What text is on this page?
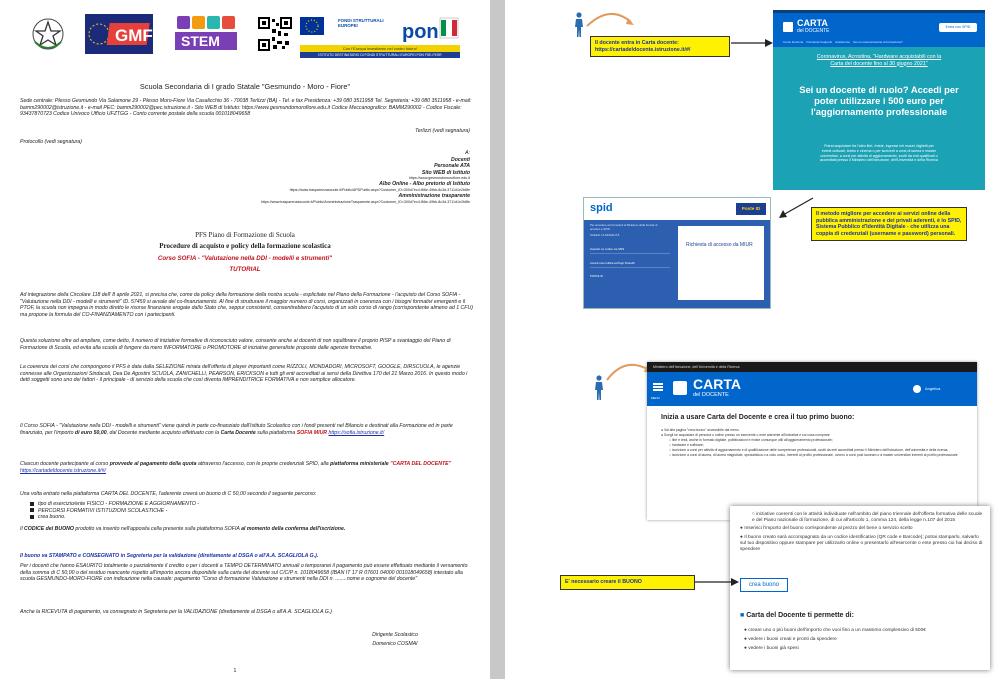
GMF STEM	pon
FONDI STRUTTURALI EUROPEI
Con l'Europa investiamo nel vostro futuro!
ISTITUTO DESTINATARIO DI FONDI STRUTTURALI EUROPEI PON FSE-FESR
Scuola Secondaria di I grado Statale "Gesmundo - Moro - Fiore"
Sede centrale: Plesso Gesmundo Via Salamone 29 - Plesso Moro-Fiore Via Casalicchio 36 - 70038 Terlizzi (BA) - Tel. e fax Presidenza: +39 080 3511958 Tel. Segreteria: +39 080 3511958 - e-mail: bamm290002@istruzione.it - e-mail PEC: bamm290002@pec.istruzione.it - Sito WEB di Istituto: https://www.gesmundomorofiore.edu.it Codice Meccanografico: BAMM290002 - Codice Fiscale: 93437870723 Codice Univoco Ufficio UFZTGG - Conto corrente postale della scuola 001018049658
Terlizzi (vedi segnatura)
Protocollo (vedi segnatura)
A:
Docenti
Personale ATA
Sito WEB di Istituto
https://www.gesmundomorofiore.edu.it
Albo Online - Albo pretorio di Istituto
https://www.trasparenzascuole.it/Public/APDPublic.aspx?Customer_ID=300d7ec4-f66e-49bb-8c3d-3711d1e2b8fe
Amministrazione trasparente
https://www.trasparenzascuole.it/Public/AmministrazioneTrasparente.aspx?Customer_ID=300d7ec4-f66e-49bb-8c3d-3711d1e2b8fe
PFS Piano di Formazione di Scuola
Procedure di acquisto e policy della formazione scolastica
Corso SOFIA - "Valutazione nella DDI - modelli e strumenti"
TUTORIAL
Ad integrazione della Circolare 118 dell' 8 aprile 2021, si precisa che, come da policy della formazione della nostra scuola - esplicitate nel Piano della Formazione - l'acquisto del Corso SOFIA - "Valutazione nella DDI - modelli e strumenti" ID. 57459 si avvale del co-finanziamento. Al fine di strutturare il maggior numero di corsi, organizzati in coerenza con i bisogni formativi emergenti e il PTOF, la scuola non impegna in modo diretto le risorse finanziarie erogate dallo Stato che, seppur consistenti, consentirebbero l'acquisto di un solo corso di rango (corrispondente almeno ad 1 CFU) ma propone la formula del CO-FINANZIAMENTO con i partecipanti.
Questa soluzione oltre ad ampliare, come detto, il numero di iniziative formative di riconosciuto valore, consente anche ai docenti di non squilibrare il proprio PISP a svantaggio del Piano di Formazione di Scuola, ed evita alla scuola di fungere da mero INFORMATORE o PROMOTORE di iniziative generaliste proposte dalle agenzie formative.
La coerenza dei corsi che compongono il PFS è data dalla SELEZIONE mirata dell'offerta di player importanti come RIZZOLI, MONDADORI, MICROSOFT, GOOGLE, DIRSCUOLA, le agenzie connesse alle Organizzazioni Sindacali, Dea De Agostini SCUOLA, ZANICHELLI, PEARSON, ERICKSON e tutti gli enti accreditati ai sensi della Direttiva 170 del 21 Marzo 2016. In questo modo i detti soggetti sono uno dei fattori - il principale - di servizio della scuola che così diventa IMPRENDITRICE FORMATIVA e non semplice allocatore.
Il Corso SOFIA - "Valutazione nella DDI - modelli e strumenti" viene quindi in parte co-finanziato dall'Istituto Scolastico con i fondi presenti nel Bilancio e destinati alla Formazione ed in parte finanziato, per l'importo di euro 50,00, dal Docente mediante acquisto effettuato con la Carta Docente sulla piattaforma SOFIA MIUR https://sofia.istruzione.it/
Ciascun docente partecipante al corso provvede al pagamento della quota attraverso l'accesso, con le proprie credenziali SPID, alla piattaforma ministeriale "CARTA DEL DOCENTE" https://cartadeldocente.istruzione.it/#/
Una volta entrato nella piattaforma CARTA DEL DOCENTE, l'aderente creerà un buono di C 50,00 secondo il seguente percorso:
tipo di esercizio/ente FISICO - FORMAZIONE E AGGIORNAMENTO -
PERCORSI FORMATIVI ISTITUZIONI SCOLASTICHE -
crea buono.
Il CODICE del BUONO prodotto va inserito nell'apposita cella presente sulla piattaforma SOFIA al momento della conferma dell'iscrizione.
Il buono va STAMPATO e CONSEGNATO in Segreteria per la validazione (direttamente al DSGA o all'A.A. SCAGLIOLA G.).
Per i docenti che hanno ESAURITO totalmente o parzialmente il credito o per i docenti a TEMPO DETERMINATO annuali o temporanei il pagamento può essere effettuato mediante il versamento della somma di C 50,00 o del residuo mancante rispetto all'importo ancora disponibile sulla carta del docente sul C/C/P n. 1018049658 (IBAN IT 17 R 07601 04000 001018049658) intestato alla scuola GESMUNDO-MORO-FIORE con indicazione nella causale: pagamento "Corso di formazione Valutazione e strumenti nella DDI n. ........nome e cognome del docente"
Anche la RICEVUTA di pagamento, va consegnato in Segreteria per la VALIDAZIONE (direttamente al DSGA o all'A.A. SCAGLIOLA G.)
Dirigente Scolastico
Domenico COSMAI
1
Il docente entra in Carta docente: https://cartadeldocente.istruzione.it/#/
CARTA
del DOCENTE
Entra con SPID
Come funziona Domande frequenti Assistenza Sei un esercente/ente di formazione?
Coronavirus, Acrostina, "Hardware acquistabili con la Carta del docente fino al 30 giugno 2021"
Sei un docente di ruolo? Accedi per poter utilizzare i 500 euro per l'aggiornamento professionale
Potrai acquistare fra l'altro libri, riviste, ingressi nei musei, biglietti per eventi culturali, teatro e cinema o per iscriverti a corsi di laurea e master universitari, a corsi per attività di aggiornamento, svolti da enti qualificati o accreditati presso il Ministero dell'istruzione, dell'Università e della Ricerca
spid	Poste ID
Per accedere ai formazioni al Ministero della Scuola di accesso a SPID
SCEGLI LA MODALITÀ
Inserisci un codice via SMS
Accedi una notifica sull'App PosteID
POSTE ID
Richiesta di accesso da MIUR
Il metodo migliore per accedere ai servizi online della pubblica amministrazione e dei privati aderenti, è lo SPID, Sistema Pubblico d'Identità Digitale - che utilizza una coppia di credenziali (username e password) personali.
Ministero dell'Istruzione, dell'Università e della Ricerca
MENU
CARTA
del DOCENTE
Angelica
Inizia a usare Carta del Docente e crea il tuo primo buono:
● Vai alla pagina "crea buono" accessibile dal menu
● Scegli se acquistare di persona o online presso un esercente o ente aderente all'iniziativa e sui cosa comprare
○ libri e testi, anche in formato digitale, pubblicazioni e riviste comunque utili all'aggiornamento professionale;
○ hardware e software;
○ iscrizione a corsi per attività di aggiornamento e di qualificazione delle competenze professionali, svolti da enti accreditati presso il Ministero dell'istruzione, dell'università e della ricerca;
○ iscrizione a corsi di laurea, di laurea magistrale, specialistica o a ciclo unico, inerenti al profilo professionale, ovvero a corsi post lauream o a master universitari inerenti al profilo professionale
○ iniziative coerenti con le attività individuate nell'ambito del piano triennale dell'offerta formativa delle scuole e del Piano nazionale di formazione, di cui all'articolo 1, comma 124, della legge n.107 del 2015
● Inserisci l'importo del buono corrispondente al prezzo del bene o servizio scelto
● Il buono creato sarà accompagnato da un codice identificativo (QR code e Barcode); potrai stamparlo, salvarlo sul tuo dispositivo oppure stampare per utilizzarlo online o presentarlo all'esercente o ente presso cui hai deciso di spendere
crea buono
■ Carta del Docente ti permette di:
● creare uno o più buoni dell'importo che vuoi fino a un massimo complessivo di 500€
● vedere i buoni creati e pronti da spendere
● vedere i buoni già spesi
E' necessario creare il BUONO
